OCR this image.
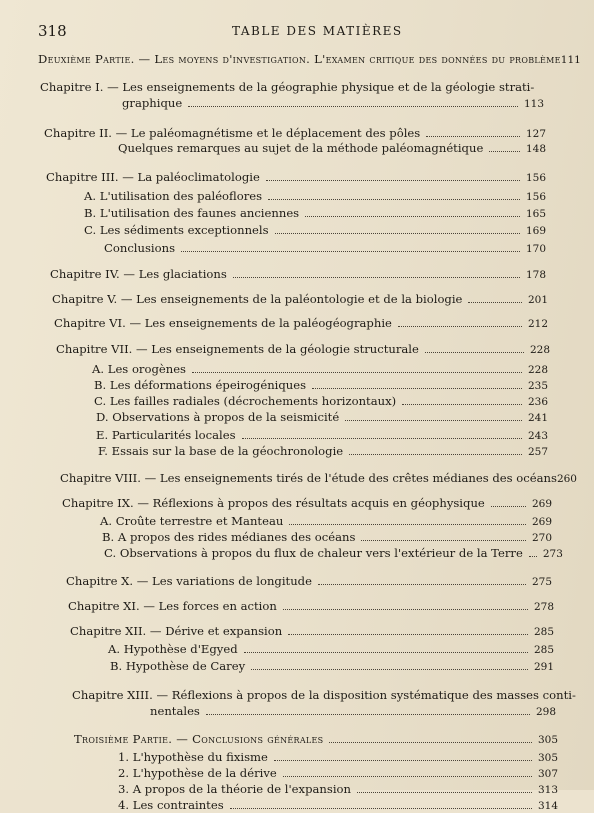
318	TABLE DES MATIÈRES
Deuxième Partie. — Les moyens d'investigation. L'examen critique des données du problème 111
Chapitre I. — Les enseignements de la géographie physique et de la géologie strati-
graphique	113
Chapitre II. — Le paléomagnétisme et le déplacement des pôles	127
Quelques remarques au sujet de la méthode paléomagnétique	148
Chapitre III. — La paléoclimatologie	156
A. L'utilisation des paléoflores	156
B. L'utilisation des faunes anciennes	165
C. Les sédiments exceptionnels	169
Conclusions	170
Chapitre IV. — Les glaciations	178
Chapitre V. — Les enseignements de la paléontologie et de la biologie	201
Chapitre VI. — Les enseignements de la paléogéographie	212
Chapitre VII. — Les enseignements de la géologie structurale	228
A. Les orogènes	228
B. Les déformations épeirogéniques	235
C. Les failles radiales (décrochements horizontaux)	236
D. Observations à propos de la seismicité	241
E. Particularités locales	243
F. Essais sur la base de la géochronologie	257
Chapitre VIII. — Les enseignements tirés de l'étude des crêtes médianes des océans 260
Chapitre IX. — Réflexions à propos des résultats acquis en géophysique	269
A. Croûte terrestre et Manteau	269
B. A propos des rides médianes des océans	270
C. Observations à propos du flux de chaleur vers l'extérieur de la Terre 273
Chapitre X. — Les variations de longitude	275
Chapitre XI. — Les forces en action	278
Chapitre XII. — Dérive et expansion	285
A. Hypothèse d'Egyed	285
B. Hypothèse de Carey	291
Chapitre XIII. — Réflexions à propos de la disposition systématique des masses conti-
nentales	298
Troisième Partie. — Conclusions générales	305
1. L'hypothèse du fixisme	305
2. L'hypothèse de la dérive	307
3. A propos de la théorie de l'expansion	313
4. Les contraintes	314
